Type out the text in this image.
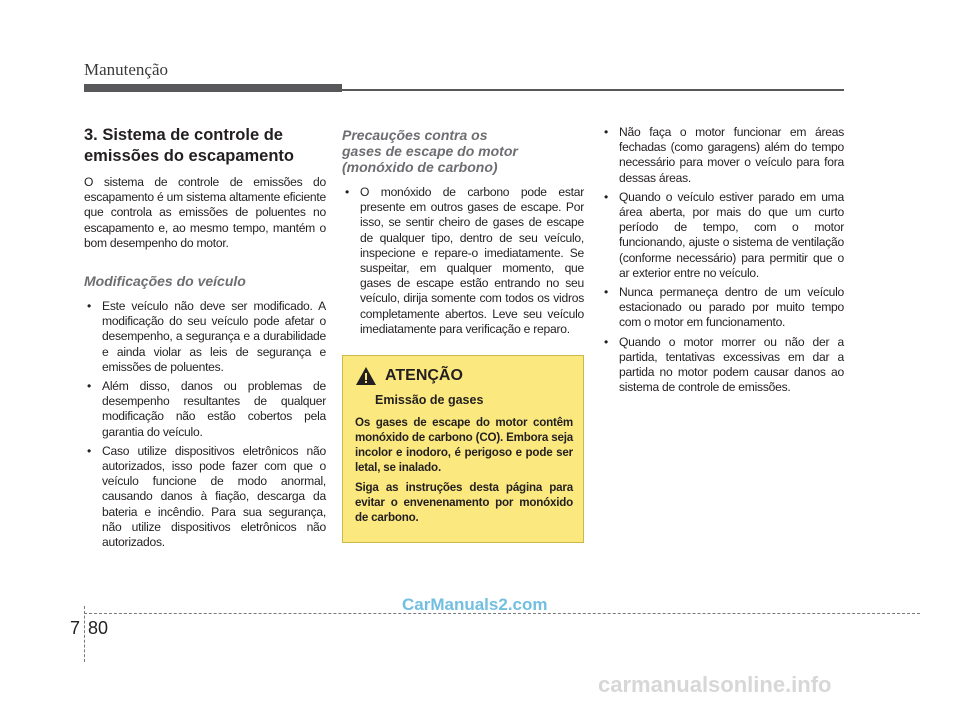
Manutenção
3. Sistema de controle de
emissões do escapamento

O sistema de controle de emissões do escapamento é um sistema altamente eficiente que controla as emissões de poluentes no escapamento e, ao mesmo tempo, mantém o bom desempenho do motor.

Modificações do veículo
• Este veículo não deve ser modificado. A modificação do seu veículo pode afetar o desempenho, a segurança e a durabilidade e ainda violar as leis de segurança e emissões de poluentes.
• Além disso, danos ou problemas de desempenho resultantes de qualquer modificação não estão cobertos pela garantia do veículo.
• Caso utilize dispositivos eletrônicos não autorizados, isso pode fazer com que o veículo funcione de modo anormal, causando danos à fiação, descarga da bateria e incêndio. Para sua segurança, não utilize dispositivos eletrônicos não autorizados.
Precauções contra os
gases de escape do motor
(monóxido de carbono)
• O monóxido de carbono pode estar presente em outros gases de escape. Por isso, se sentir cheiro de gases de escape de qualquer tipo, dentro de seu veículo, inspecione e repare-o imediatamente. Se suspeitar, em qualquer momento, que gases de escape estão entrando no seu veículo, dirija somente com todos os vidros completamente abertos. Leve seu veículo imediatamente para verificação e reparo.
ATENÇÃO
Emissão de gases

Os gases de escape do motor contêm monóxido de carbono (CO). Embora seja incolor e inodoro, é perigoso e pode ser letal, se inalado.

Siga as instruções desta página para evitar o envenenamento por monóxido de carbono.

• Não faça o motor funcionar em áreas fechadas (como garagens) além do tempo necessário para mover o veículo para fora dessas áreas.
• Quando o veículo estiver parado em uma área aberta, por mais do que um curto período de tempo, com o motor funcionando, ajuste o sistema de ventilação (conforme necessário) para permitir que o ar exterior entre no veículo.
• Nunca permaneça dentro de um veículo estacionado ou parado por muito tempo com o motor em funcionamento.
• Quando o motor morrer ou não der a partida, tentativas excessivas em dar a partida no motor podem causar danos ao sistema de controle de emissões.
CarManuals2.com
7 80
carmanualsonline.info
